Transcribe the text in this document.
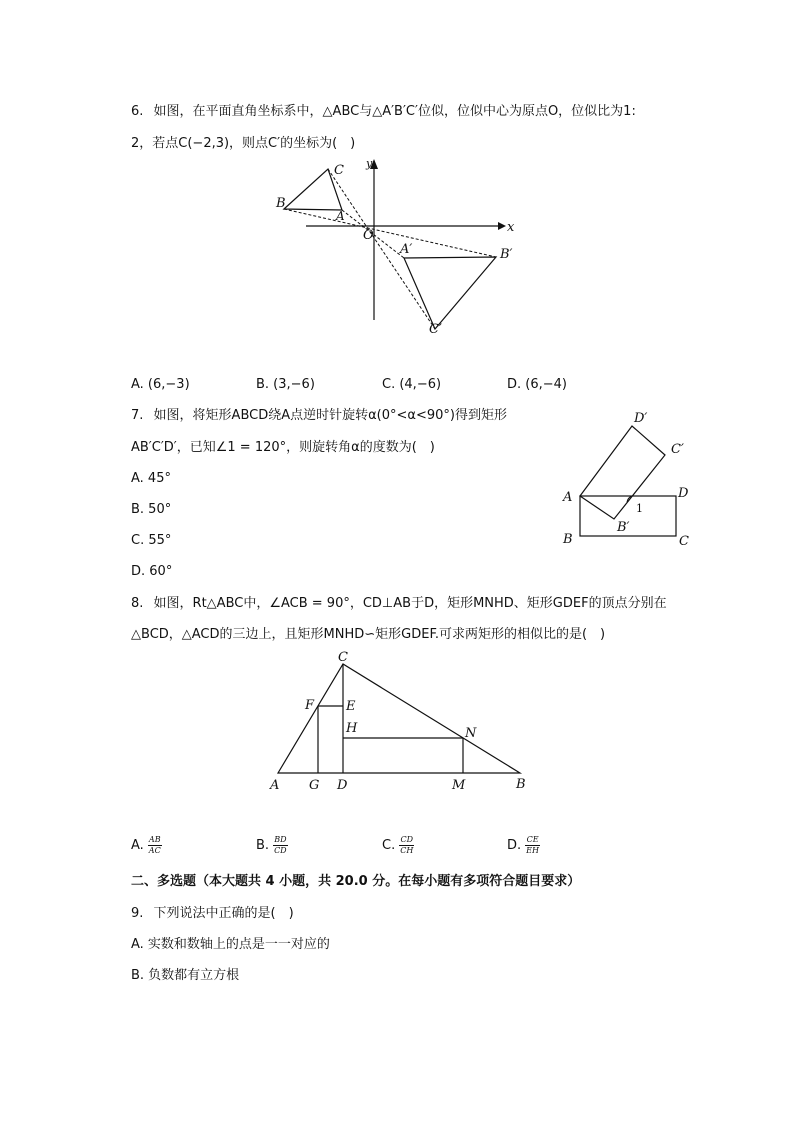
6. 如图，在平面直角坐标系中，△ABC与△A′B′C′位似，位似中心为原点O，位似比为1:
2，若点C(−2,3)，则点C′的坐标为(　)
x
y
O
A
B
C
A′	B′
C′
A. (6,−3)	B. (3,−6)	C. (4,−6)	D. (6,−4)
7. 如图，将矩形ABCD绕A点逆时针旋转α(0°<α<90°)得到矩形
AB′C′D′，已知∠1 = 120°，则旋转角α的度数为(　)
A. 45°
B. 50°
C. 55°
D. 60°
A
B	C
D
B′
C′
D′
1
8. 如图，Rt△ABC中，∠ACB = 90°，CD⊥AB于D，矩形MNHD、矩形GDEF的顶点分别在
△BCD，△ACD的三边上，且矩形MNHD∽矩形GDEF.可求两矩形的相似比的是(　)
A	B
C
D
E
F
G
H
M
N
A. $\frac{AB}{AC}$	B. $\frac{BD}{CD}$	C. $\frac{CD}{CH}$	D. $\frac{CE}{EH}$
二、多选题（本大题共 4 小题，共 20.0 分。在每小题有多项符合题目要求）
9. 下列说法中正确的是(　)
A. 实数和数轴上的点是一一对应的
B. 负数都有立方根
